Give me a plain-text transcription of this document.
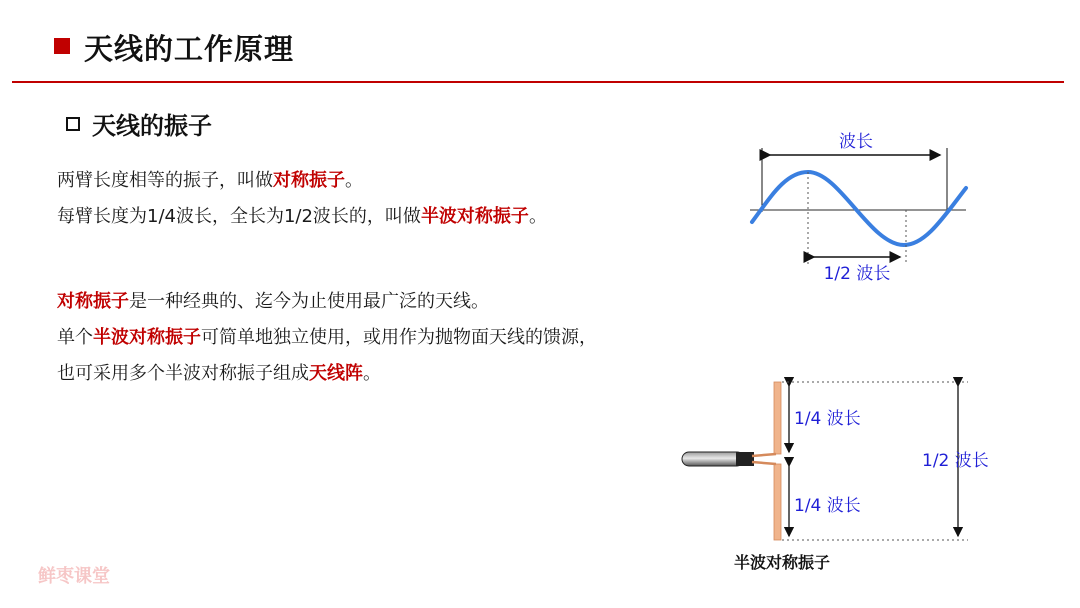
天线的工作原理
天线的振子
两臂长度相等的振子，叫做对称振子。
每臂长度为1/4波长，全长为1/2波长的，叫做半波对称振子。
对称振子是一种经典的、迄今为止使用最广泛的天线。
单个半波对称振子可简单地独立使用，或用作为抛物面天线的馈源，
也可采用多个半波对称振子组成天线阵。
波长
1/2 波长
1/4 波长
1/4 波长
1/2 波长
半波对称振子
鲜枣课堂
